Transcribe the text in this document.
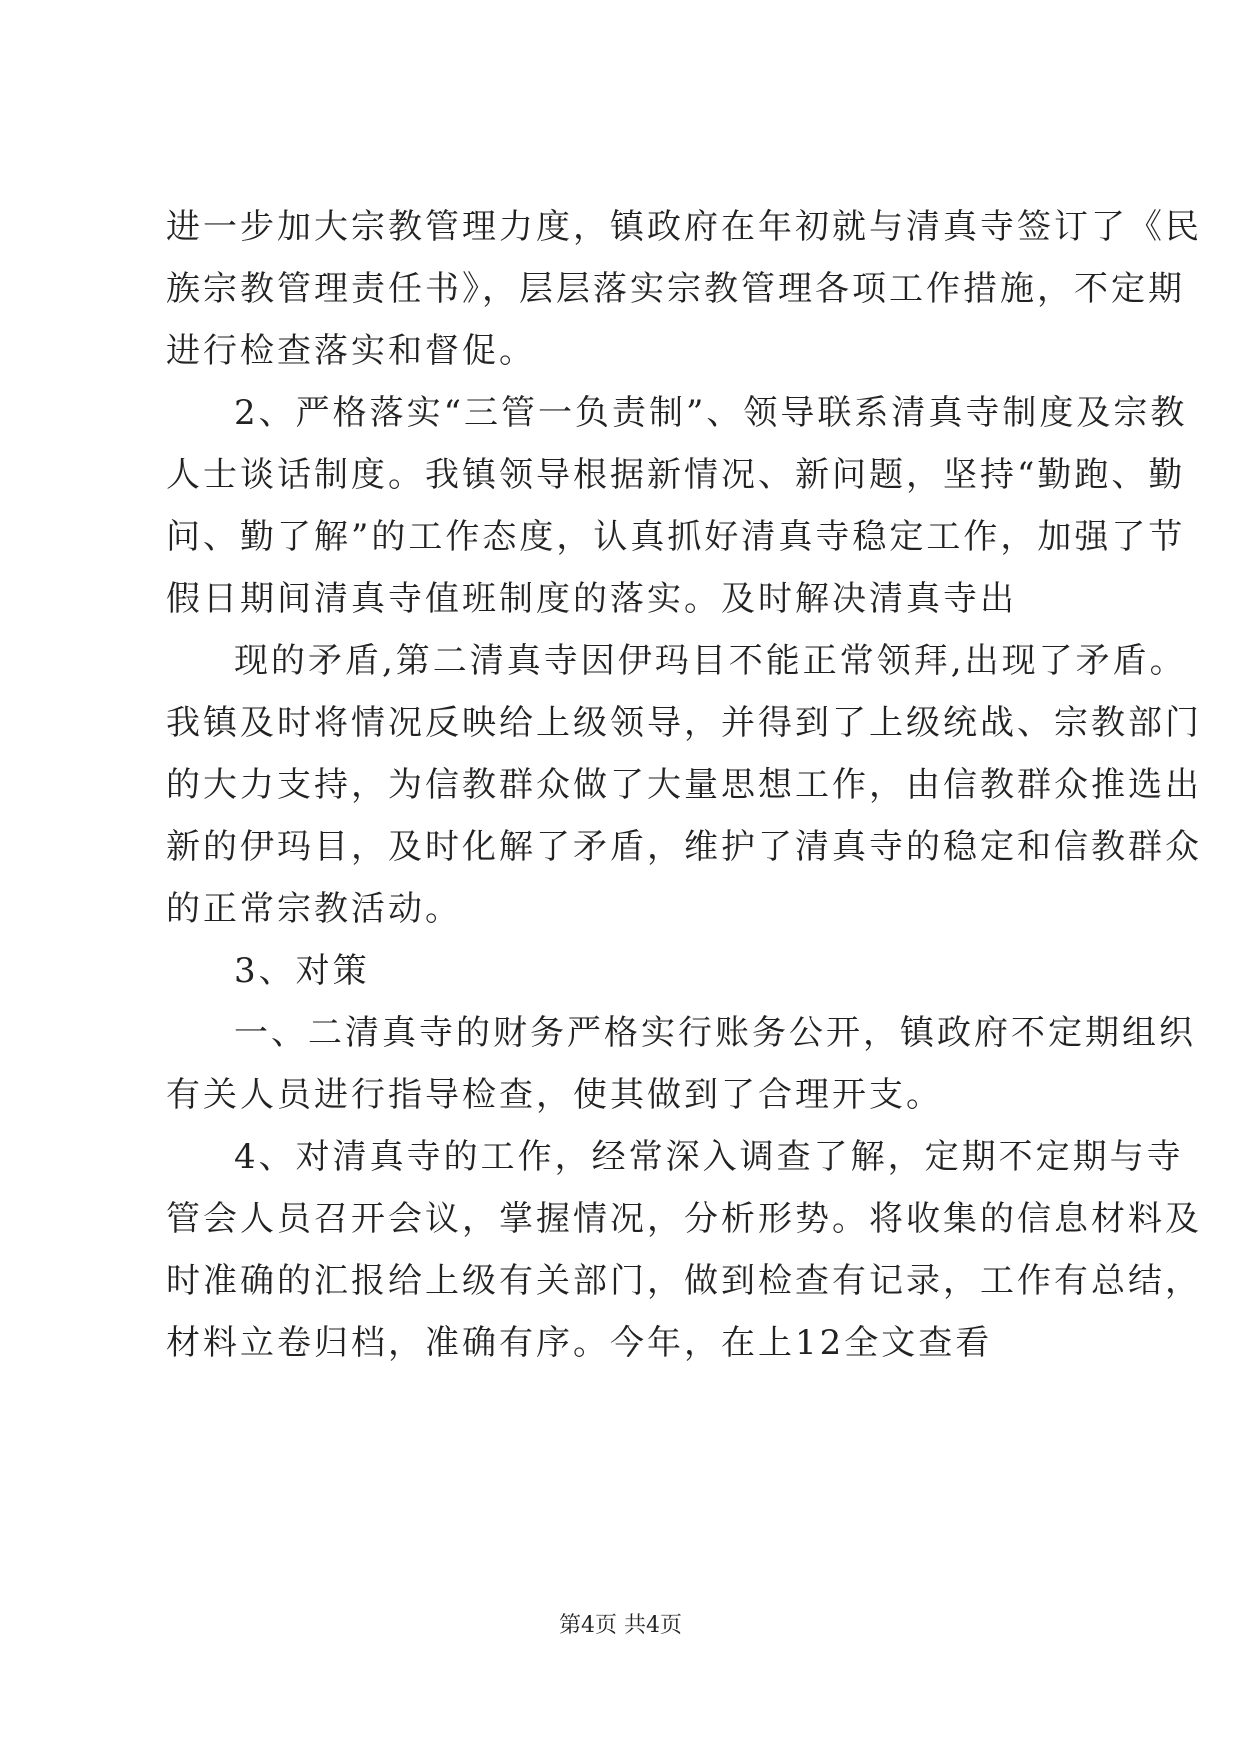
进一步加大宗教管理力度，镇政府在年初就与清真寺签订了《民
族宗教管理责任书》，层层落实宗教管理各项工作措施，不定期
进行检查落实和督促。
2、严格落实“三管一负责制”、领导联系清真寺制度及宗教
人士谈话制度。我镇领导根据新情况、新问题，坚持“勤跑、勤
问、勤了解”的工作态度，认真抓好清真寺稳定工作，加强了节
假日期间清真寺值班制度的落实。及时解决清真寺出
现的矛盾,第二清真寺因伊玛目不能正常领拜,出现了矛盾。
我镇及时将情况反映给上级领导，并得到了上级统战、宗教部门
的大力支持，为信教群众做了大量思想工作，由信教群众推选出
新的伊玛目，及时化解了矛盾，维护了清真寺的稳定和信教群众
的正常宗教活动。
3、对策
一、二清真寺的财务严格实行账务公开，镇政府不定期组织
有关人员进行指导检查，使其做到了合理开支。
4、对清真寺的工作，经常深入调查了解，定期不定期与寺
管会人员召开会议，掌握情况，分析形势。将收集的信息材料及
时准确的汇报给上级有关部门，做到检查有记录，工作有总结，
材料立卷归档，准确有序。今年，在上12全文查看
第4页 共4页
